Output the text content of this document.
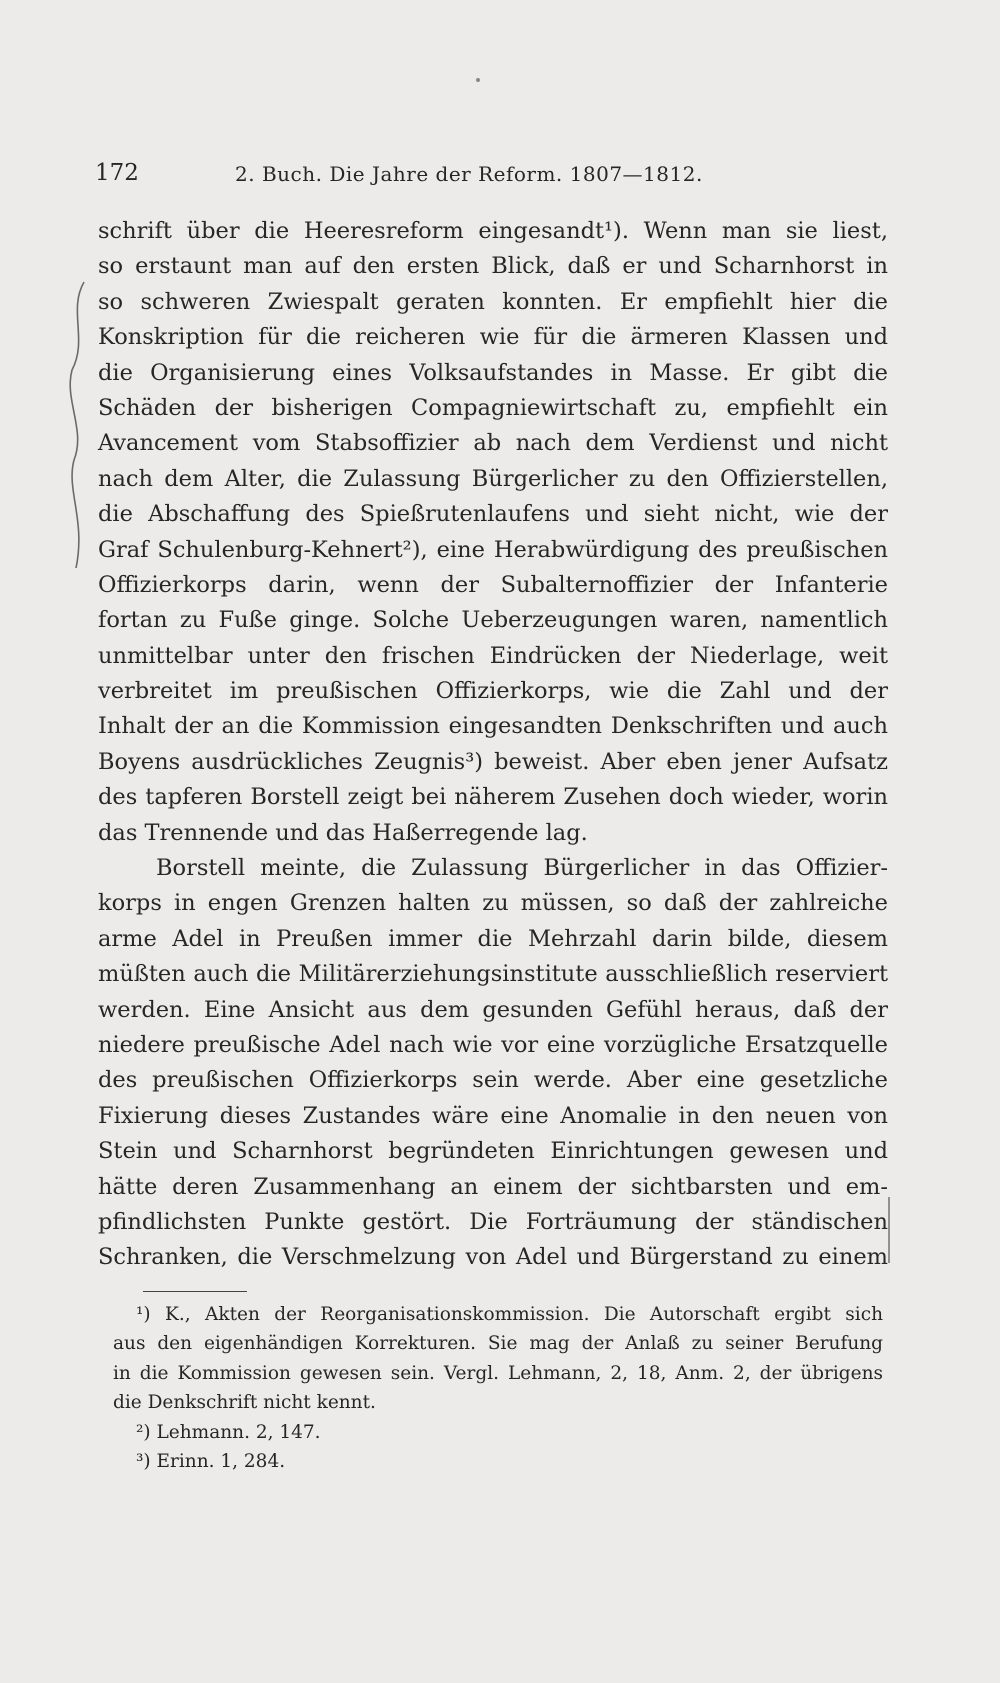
172	2. Buch. Die Jahre der Reform. 1807—1812.
schrift über die Heeresreform eingesandt¹). Wenn man sie liest,
so erstaunt man auf den ersten Blick, daß er und Scharnhorst in
so schweren Zwiespalt geraten konnten. Er empfiehlt hier die
Konskription für die reicheren wie für die ärmeren Klassen und
die Organisierung eines Volksaufstandes in Masse. Er gibt die
Schäden der bisherigen Compagniewirtschaft zu, empfiehlt ein
Avancement vom Stabsoffizier ab nach dem Verdienst und nicht
nach dem Alter, die Zulassung Bürgerlicher zu den Offizierstellen,
die Abschaffung des Spießrutenlaufens und sieht nicht, wie der
Graf Schulenburg-Kehnert²), eine Herabwürdigung des preußischen
Offizierkorps darin, wenn der Subalternoffizier der Infanterie
fortan zu Fuße ginge. Solche Ueberzeugungen waren, namentlich
unmittelbar unter den frischen Eindrücken der Niederlage, weit
verbreitet im preußischen Offizierkorps, wie die Zahl und der
Inhalt der an die Kommission eingesandten Denkschriften und auch
Boyens ausdrückliches Zeugnis³) beweist. Aber eben jener Aufsatz
des tapferen Borstell zeigt bei näherem Zusehen doch wieder, worin
das Trennende und das Haßerregende lag.
Borstell meinte, die Zulassung Bürgerlicher in das Offizier-
korps in engen Grenzen halten zu müssen, so daß der zahlreiche
arme Adel in Preußen immer die Mehrzahl darin bilde, diesem
müßten auch die Militärerziehungsinstitute ausschließlich reserviert
werden. Eine Ansicht aus dem gesunden Gefühl heraus, daß der
niedere preußische Adel nach wie vor eine vorzügliche Ersatzquelle
des preußischen Offizierkorps sein werde. Aber eine gesetzliche
Fixierung dieses Zustandes wäre eine Anomalie in den neuen von
Stein und Scharnhorst begründeten Einrichtungen gewesen und
hätte deren Zusammenhang an einem der sichtbarsten und em-
pfindlichsten Punkte gestört. Die Forträumung der ständischen
Schranken, die Verschmelzung von Adel und Bürgerstand zu einem
¹) K., Akten der Reorganisationskommission. Die Autorschaft ergibt sich
aus den eigenhändigen Korrekturen. Sie mag der Anlaß zu seiner Berufung
in die Kommission gewesen sein. Vergl. Lehmann, 2, 18, Anm. 2, der übrigens
die Denkschrift nicht kennt.
²) Lehmann. 2, 147.
³) Erinn. 1, 284.
